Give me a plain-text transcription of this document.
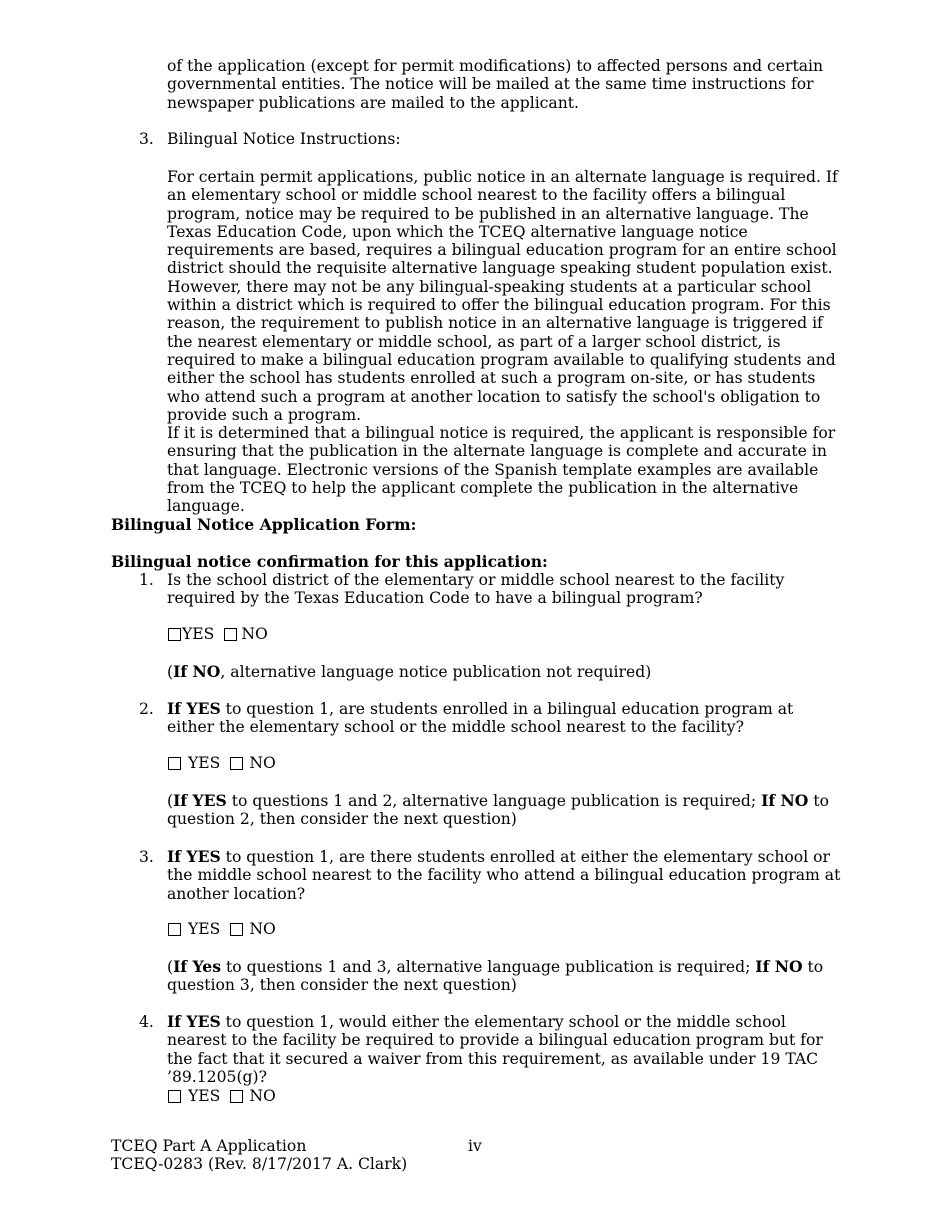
of the application (except for permit modifications) to affected persons and certain governmental entities. The notice will be mailed at the same time instructions for newspaper publications are mailed to the applicant.

3. Bilingual Notice Instructions:

For certain permit applications, public notice in an alternate language is required. If an elementary school or middle school nearest to the facility offers a bilingual program, notice may be required to be published in an alternative language. The Texas Education Code, upon which the TCEQ alternative language notice requirements are based, requires a bilingual education program for an entire school district should the requisite alternative language speaking student population exist. However, there may not be any bilingual-speaking students at a particular school within a district which is required to offer the bilingual education program. For this reason, the requirement to publish notice in an alternative language is triggered if the nearest elementary or middle school, as part of a larger school district, is required to make a bilingual education program available to qualifying students and either the school has students enrolled at such a program on-site, or has students who attend such a program at another location to satisfy the school's obligation to provide such a program.

If it is determined that a bilingual notice is required, the applicant is responsible for ensuring that the publication in the alternate language is complete and accurate in that language. Electronic versions of the Spanish template examples are available from the TCEQ to help the applicant complete the publication in the alternative language.

Bilingual Notice Application Form:

Bilingual notice confirmation for this application:

1. Is the school district of the elementary or middle school nearest to the facility required by the Texas Education Code to have a bilingual program?

YES NO

(If NO, alternative language notice publication not required)

2. If YES to question 1, are students enrolled in a bilingual education program at either the elementary school or the middle school nearest to the facility?

YES NO

(If YES to questions 1 and 2, alternative language publication is required; If NO to question 2, then consider the next question)

3. If YES to question 1, are there students enrolled at either the elementary school or the middle school nearest to the facility who attend a bilingual education program at another location?

YES NO

(If Yes to questions 1 and 3, alternative language publication is required; If NO to question 3, then consider the next question)

4. If YES to question 1, would either the elementary school or the middle school nearest to the facility be required to provide a bilingual education program but for the fact that it secured a waiver from this requirement, as available under 19 TAC ’89.1205(g)?

YES NO
TCEQ Part A Application	iv
TCEQ-0283 (Rev. 8/17/2017 A. Clark)
